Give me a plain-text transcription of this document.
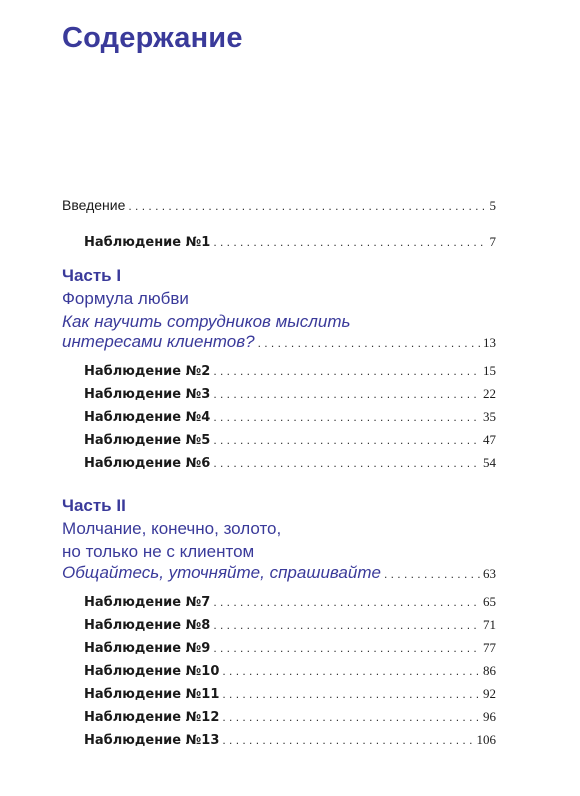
Содержание
Введение . . .	5
Наблюдение №1 . . .	7
Часть I
Формула любви
Как научить сотрудников мыслить
интересами клиентов? . . .	13
Наблюдение №2 . . .	15
Наблюдение №3 . . .	22
Наблюдение №4 . . .	35
Наблюдение №5 . . .	47
Наблюдение №6 . . .	54
Часть II
Молчание, конечно, золото,
но только не с клиентом
Общайтесь, уточняйте, спрашивайте . . .	63
Наблюдение №7 . . .	65
Наблюдение №8 . . .	71
Наблюдение №9 . . .	77
Наблюдение №10 . . .	86
Наблюдение №11 . . .	92
Наблюдение №12 . . .	96
Наблюдение №13 . . .	106
